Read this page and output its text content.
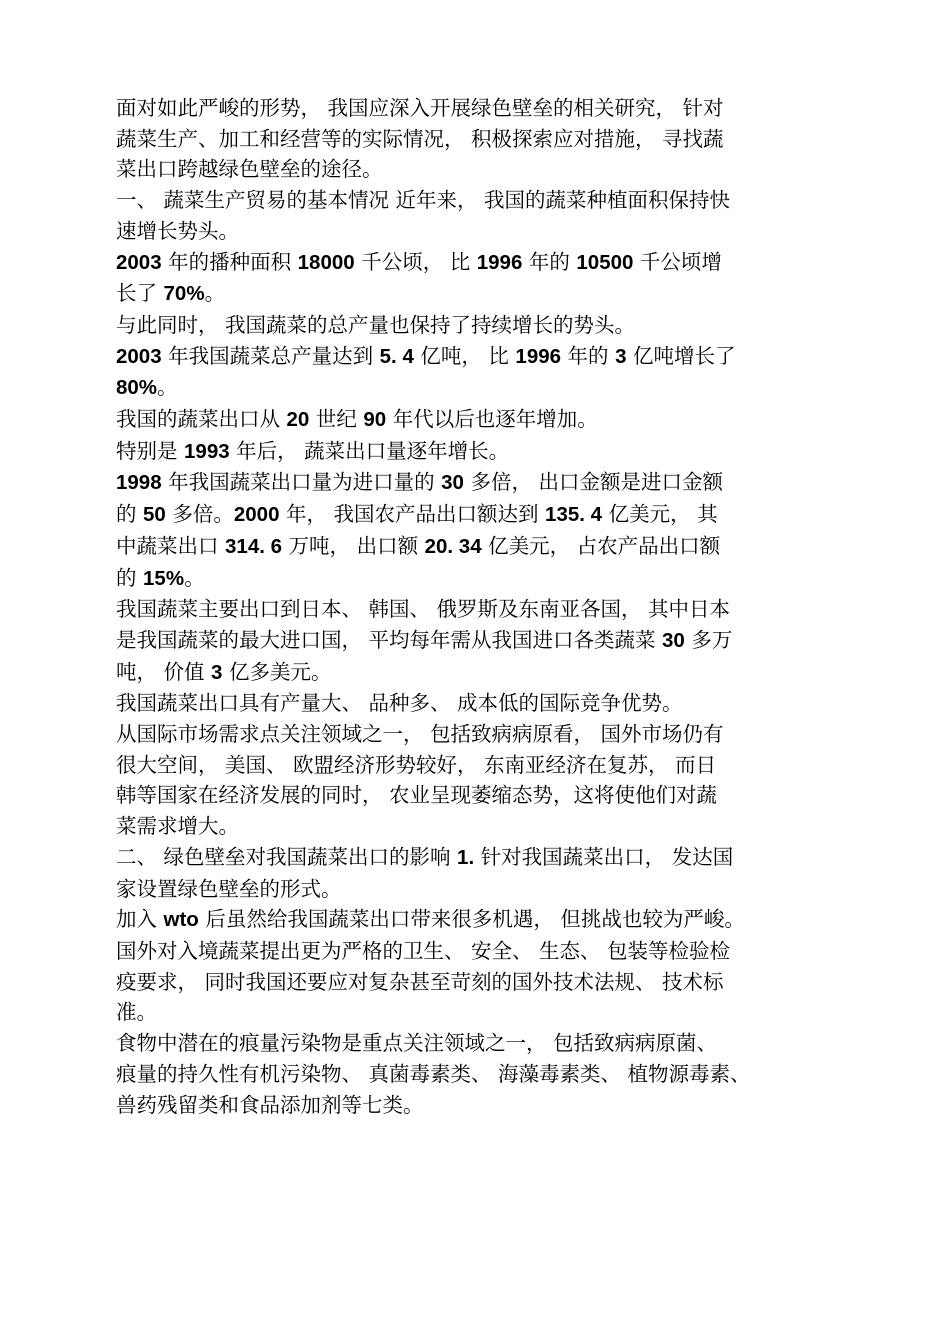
面对如此严峻的形势， 我国应深入开展绿色壁垒的相关研究， 针对
蔬菜生产、加工和经营等的实际情况， 积极探索应对措施， 寻找蔬
菜出口跨越绿色壁垒的途径。
一、 蔬菜生产贸易的基本情况 近年来， 我国的蔬菜种植面积保持快
速增长势头。
2003 年的播种面积 18000 千公顷， 比 1996 年的 10500 千公顷增
长了 70%。
与此同时， 我国蔬菜的总产量也保持了持续增长的势头。
2003 年我国蔬菜总产量达到 5. 4 亿吨， 比 1996 年的 3 亿吨增长了
80%。
我国的蔬菜出口从 20 世纪 90 年代以后也逐年增加。
特别是 1993 年后， 蔬菜出口量逐年增长。
1998 年我国蔬菜出口量为进口量的 30 多倍， 出口金额是进口金额
的 50 多倍。2000 年， 我国农产品出口额达到 135. 4 亿美元， 其
中蔬菜出口 314. 6 万吨， 出口额 20. 34 亿美元， 占农产品出口额
的 15%。
我国蔬菜主要出口到日本、 韩国、 俄罗斯及东南亚各国， 其中日本
是我国蔬菜的最大进口国， 平均每年需从我国进口各类蔬菜 30 多万
吨， 价值 3 亿多美元。
我国蔬菜出口具有产量大、 品种多、 成本低的国际竞争优势。
从国际市场需求点关注领域之一， 包括致病病原看， 国外市场仍有
很大空间， 美国、 欧盟经济形势较好， 东南亚经济在复苏， 而日
韩等国家在经济发展的同时， 农业呈现萎缩态势，这将使他们对蔬
菜需求增大。
二、 绿色壁垒对我国蔬菜出口的影响 1. 针对我国蔬菜出口， 发达国
家设置绿色壁垒的形式。
加入 wto 后虽然给我国蔬菜出口带来很多机遇， 但挑战也较为严峻。
国外对入境蔬菜提出更为严格的卫生、 安全、 生态、 包装等检验检
疫要求， 同时我国还要应对复杂甚至苛刻的国外技术法规、 技术标
准。
食物中潜在的痕量污染物是重点关注领域之一， 包括致病病原菌、
痕量的持久性有机污染物、 真菌毒素类、 海藻毒素类、 植物源毒素、
兽药残留类和食品添加剂等七类。
